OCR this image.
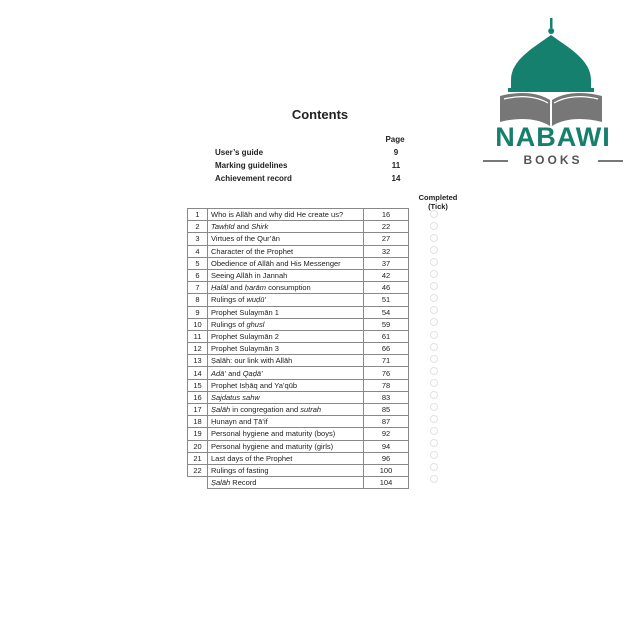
Contents
Page
User’s guide	9
Marking guidelines	11
Achievement record	14
Completed
(Tick)
1	Who is Allāh and why did He create us?	16
2	Tawḥīd and Shirk	22
3	Virtues of the Qur’ān	27
4	Character of the Prophet	32
5	Obedience of Allāh and His Messenger	37
6	Seeing Allāh in Jannah	42
7	Ḥalāl and ḥarām consumption	46
8	Rulings of wuḍū’	51
9	Prophet Sulaymān 1	54
10	Rulings of ghusl	59
11	Prophet Sulaymān 2	61
12	Prophet Sulaymān 3	66
13	Ṣalāh: our link with Allāh	71
14	Adā’ and Qaḍā’	76
15	Prophet Isḥāq and Ya’qūb	78
16	Sajdatus sahw	83
17	Ṣalāh in congregation and sutrah	85
18	Ḥunayn and Ṭā’if	87
19	Personal hygiene and maturity (boys)	92
20	Personal hygiene and maturity (girls)	94
21	Last days of the Prophet	96
22	Rulings of fasting	100
	Ṣalāh Record	104
NABAWI
BOOKS
